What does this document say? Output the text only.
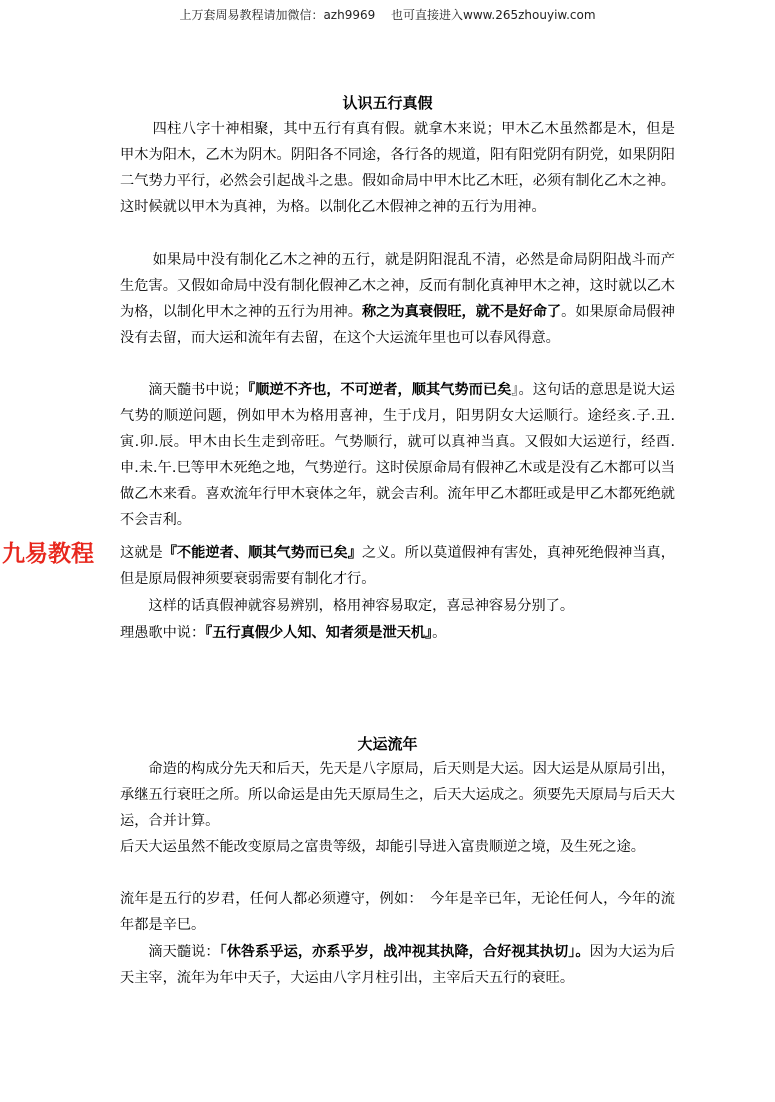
上万套周易教程请加微信：azh9969　 也可直接进入www.265zhouyiw.com
九易教程
认识五行真假

四柱八字十神相聚，其中五行有真有假。就拿木来说；甲木乙木虽然都是木，但是甲木为阳木，乙木为阴木。阴阳各不同途，各行各的规道，阳有阳党阴有阴党，如果阴阳二气势力平行，必然会引起战斗之患。假如命局中甲木比乙木旺，必须有制化乙木之神。这时候就以甲木为真神，为格。以制化乙木假神之神的五行为用神。

如果局中没有制化乙木之神的五行，就是阴阳混乱不清，必然是命局阴阳战斗而产生危害。又假如命局中没有制化假神乙木之神，反而有制化真神甲木之神，这时就以乙木为格，以制化甲木之神的五行为用神。称之为真衰假旺，就不是好命了。如果原命局假神没有去留，而大运和流年有去留，在这个大运流年里也可以春风得意。

滴天髓书中说；『顺逆不齐也，不可逆者，顺其气势而已矣』。这句话的意思是说大运气势的顺逆问题，例如甲木为格用喜神，生于戊月，阳男阴女大运顺行。途经亥.子.丑.寅.卯.辰。甲木由长生走到帝旺。气势顺行，就可以真神当真。又假如大运逆行，经酉.申.未.午.巳等甲木死绝之地，气势逆行。这时侯原命局有假神乙木或是没有乙木都可以当做乙木来看。喜欢流年行甲木衰体之年，就会吉利。流年甲乙木都旺或是甲乙木都死绝就不会吉利。

这就是『不能逆者、顺其气势而已矣』之义。所以莫道假神有害处，真神死绝假神当真，但是原局假神须要衰弱需要有制化才行。

这样的话真假神就容易辨别，格用神容易取定，喜忌神容易分别了。

理愚歌中说：『五行真假少人知、知者须是泄天机』。

大运流年

命造的构成分先天和后天，先天是八字原局，后天则是大运。因大运是从原局引出，承继五行衰旺之所。所以命运是由先天原局生之，后天大运成之。须要先天原局与后天大运，合并计算。

后天大运虽然不能改变原局之富贵等级，却能引导进入富贵顺逆之境，及生死之途。

流年是五行的岁君，任何人都必须遵守，例如：　今年是辛已年，无论任何人，今年的流年都是辛巳。

滴天髓说：「休咎系乎运，亦系乎岁，战冲视其执降，合好视其执切」。因为大运为后天主宰，流年为年中天子，大运由八字月柱引出，主宰后天五行的衰旺。
